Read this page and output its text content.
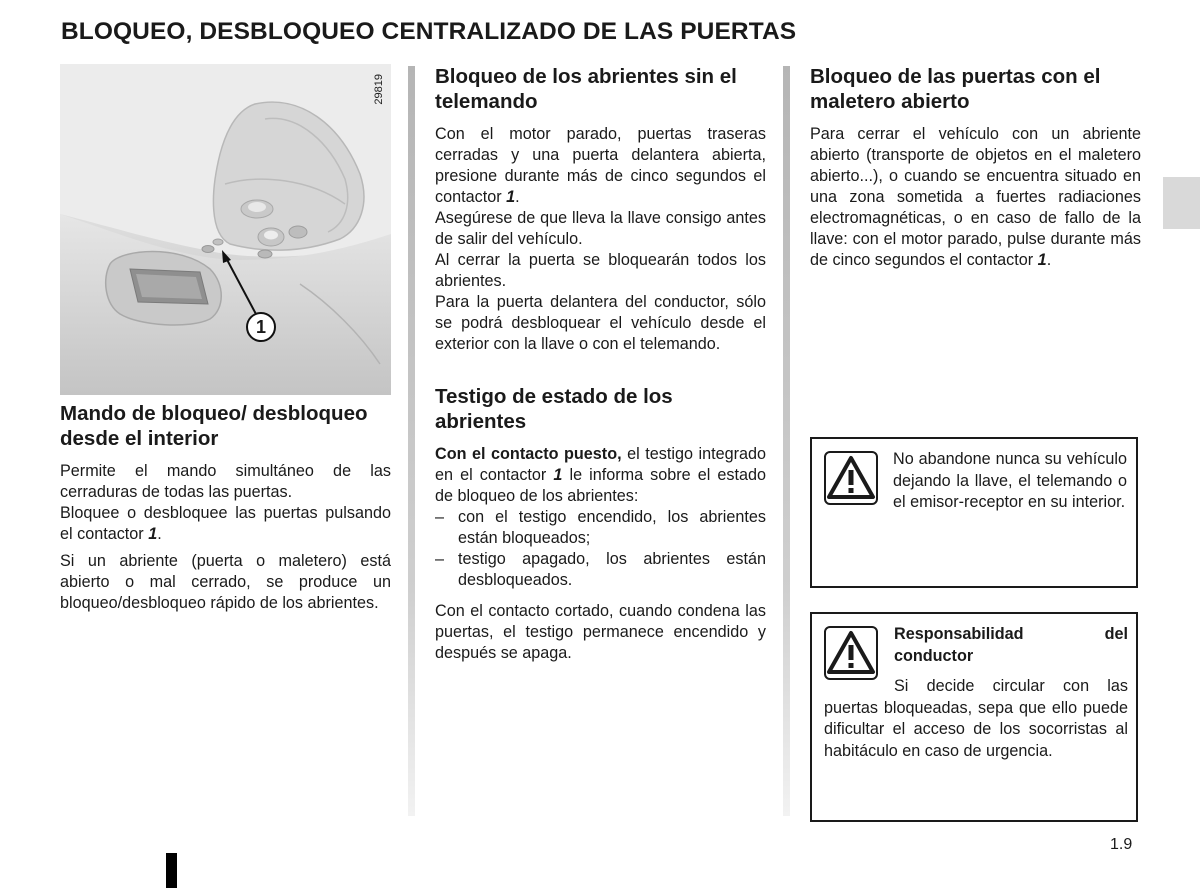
BLOQUEO, DESBLOQUEO CENTRALIZADO DE LAS PUERTAS
29819
1
Mando de bloqueo/ desbloqueo desde el interior

Permite el mando simultáneo de las cerraduras de todas las puertas.

Bloquee o desbloquee las puertas pulsando el contactor 1.

Si un abriente (puerta o maletero) está abierto o mal cerrado, se produce un bloqueo/desbloqueo rápido de los abrientes.

Bloqueo de los abrientes sin el telemando

Con el motor parado, puertas traseras cerradas y una puerta delantera abierta, presione durante más de cinco segundos el contactor 1.

Asegúrese de que lleva la llave consigo antes de salir del vehículo.

Al cerrar la puerta se bloquearán todos los abrientes.

Para la puerta delantera del conductor, sólo se podrá desbloquear el vehículo desde el exterior con la llave o con el telemando.

Testigo de estado de los abrientes

Con el contacto puesto, el testigo integrado en el contactor 1 le informa sobre el estado de bloqueo de los abrientes:

– con el testigo encendido, los abrientes están bloqueados;
– testigo apagado, los abrientes están desbloqueados.

Con el contacto cortado, cuando condena las puertas, el testigo permanece encendido y después se apaga.

Bloqueo de las puertas con el maletero abierto

Para cerrar el vehículo con un abriente abierto (transporte de objetos en el maletero abierto...), o cuando se encuentra situado en una zona sometida a fuertes radiaciones electromagnéticas, o en caso de fallo de la llave: con el motor parado, pulse durante más de cinco segundos el contactor 1.

No abandone nunca su vehículo dejando la llave, el telemando o el emisor-receptor en su interior.
Responsabilidad del conductor
Si decide circular con las puertas bloqueadas, sepa que ello puede dificultar el acceso de los socorristas al habitáculo en caso de urgencia.
1.9
